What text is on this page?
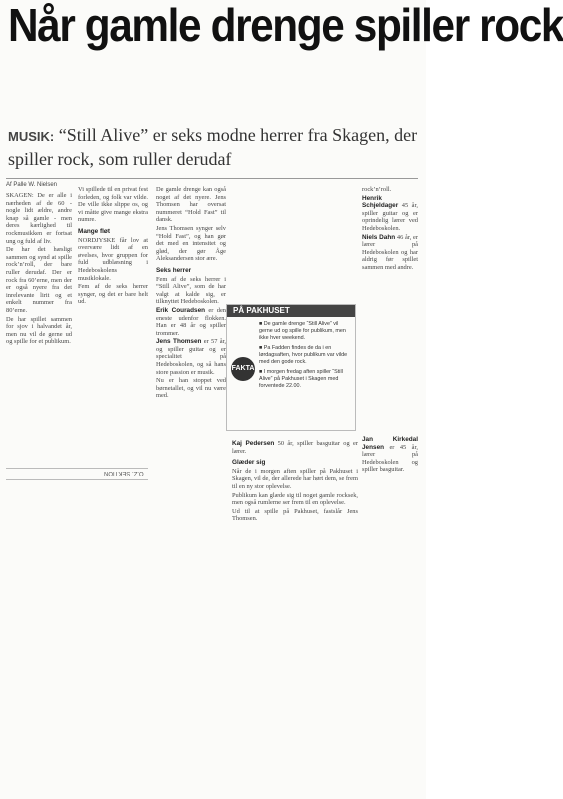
Når gamle drenge spiller rock
MUSIK: “Still Alive” er seks modne herrer fra Skagen, der spiller rock, som ruller derudaf
Af Palle W. Nielsen

SKAGEN: De er alle i nærheden af de 60 - nogle lidt ældre, andre knap så gamle - men deres kærlighed til rockmusikken er fortsat ung og fuld af liv.

De har det hæsligt sammen og synd at spille rock’n’roll, der bare ruller derudaf. Der er rock fra 60’erne, men der er også nyere fra det inrelevante lirit og et enkelt nummer fra 80’erne.

De har spillet sammen for sjov i halvandet år, men nu vil de gerne ud og spille for et publikum.

Vi spillede til en privat fest forleden, og folk var vilde. De ville ikke slippe os, og vi måtte give mange ekstra numre.

Mange fløt

NORDJYSKE får lov at overvære lidt af en øvelses, hvor gruppen for fuld udblæsning i Hedeboskolens musiklokale.

Fem af de seks herrer synger, og det er bare helt ud.

O.Z. SEKTION

De gamle drenge kan også noget af det nyere. Jens Thomsen har oversat nummeret “Hold Fast” til dansk.

Jens Thomsen synger selv “Hold Fast”, og han gør det med en intensitet og glød, der gør Åge Aleksandersen stor ære.

Seks herrer

Fem af de seks herrer i “Still Alive”, som de har valgt at kalde sig, er tilknyttet Hedeboskolen.

Erik Couradsen er den eneste udenfor flokken. Han er 48 år og spiller trommer.

Jens Thomsen er 57 år, og spiller guitar og er specialitet på Hedeboskolen, og så hans store passion er musik.

Nu er han stoppet ved børnetallet, og vil nu være med.

rock’n’roll.

Henrik Schjeldager 45 år, spiller guitar og er oprindelig lærer ved Hedeboskolen.

Niels Dahn 46 år, er lærer på Hedeboskolen og har aldrig før spillet sammen med andre.

Jan Kirkedal Jensen er 45 år, lærer på Hedeboskolen og spiller basguitar.

Kaj Pedersen 50 år, spiller basguitar og er lærer.

Glæder sig

Når de i morgen aften spiller på Pakhuset i Skagen, vil de, der allerede har hørt dem, se frem til en ny stor oplevelse.

Publikum kan glæde sig til noget gamle rocksek, men også rumlerne ser frem til en oplevelse.

Ud til at spille på Pakhuset, fastslår Jens Thomsen.

PÅ PAKHUSET
FAKTA

■ De gamle drenge “Still Alive” vil gerne ud og spille for publikum, men ikke hver weekend.

■ Pa Fadden findes de da i en lørdagsaften, hvor publikum var vilde med den gode rock.

■ I morgen fredag aften spiller “Still Alive” på Pakhuset i Skagen med forventede 22.00.
